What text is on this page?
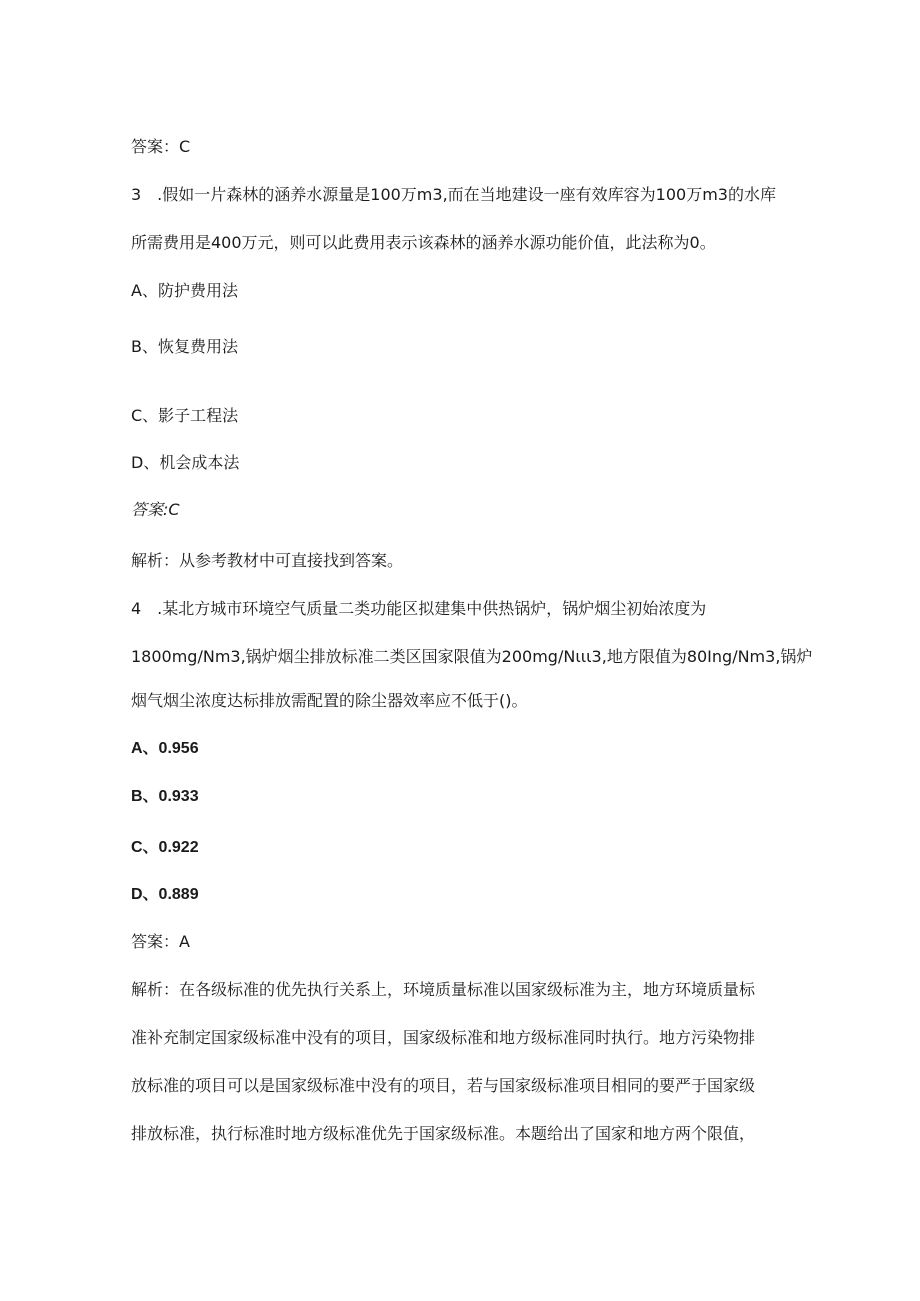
答案：C
3　.假如一片森林的涵养水源量是100万m3,而在当地建设一座有效库容为100万m3的水库
所需费用是400万元，则可以此费用表示该森林的涵养水源功能价值，此法称为0。
A、防护费用法
B、恢复费用法
C、影子工程法
D、机会成本法
答案:C
解析：从参考教材中可直接找到答案。
4　.某北方城市环境空气质量二类功能区拟建集中供热锅炉，锅炉烟尘初始浓度为
1800mg∕Nm3,锅炉烟尘排放标准二类区国家限值为200mg∕Nιιι3,地方限值为80Ing∕Nm3,锅炉
烟气烟尘浓度达标排放需配置的除尘器效率应不低于()。
A、0.956
B、0.933
C、0.922
D、0.889
答案：A
解析：在各级标准的优先执行关系上，环境质量标准以国家级标准为主，地方环境质量标
准补充制定国家级标准中没有的项目，国家级标准和地方级标准同时执行。地方污染物排
放标准的项目可以是国家级标准中没有的项目，若与国家级标准项目相同的要严于国家级
排放标准，执行标准时地方级标准优先于国家级标准。本题给出了国家和地方两个限值，
